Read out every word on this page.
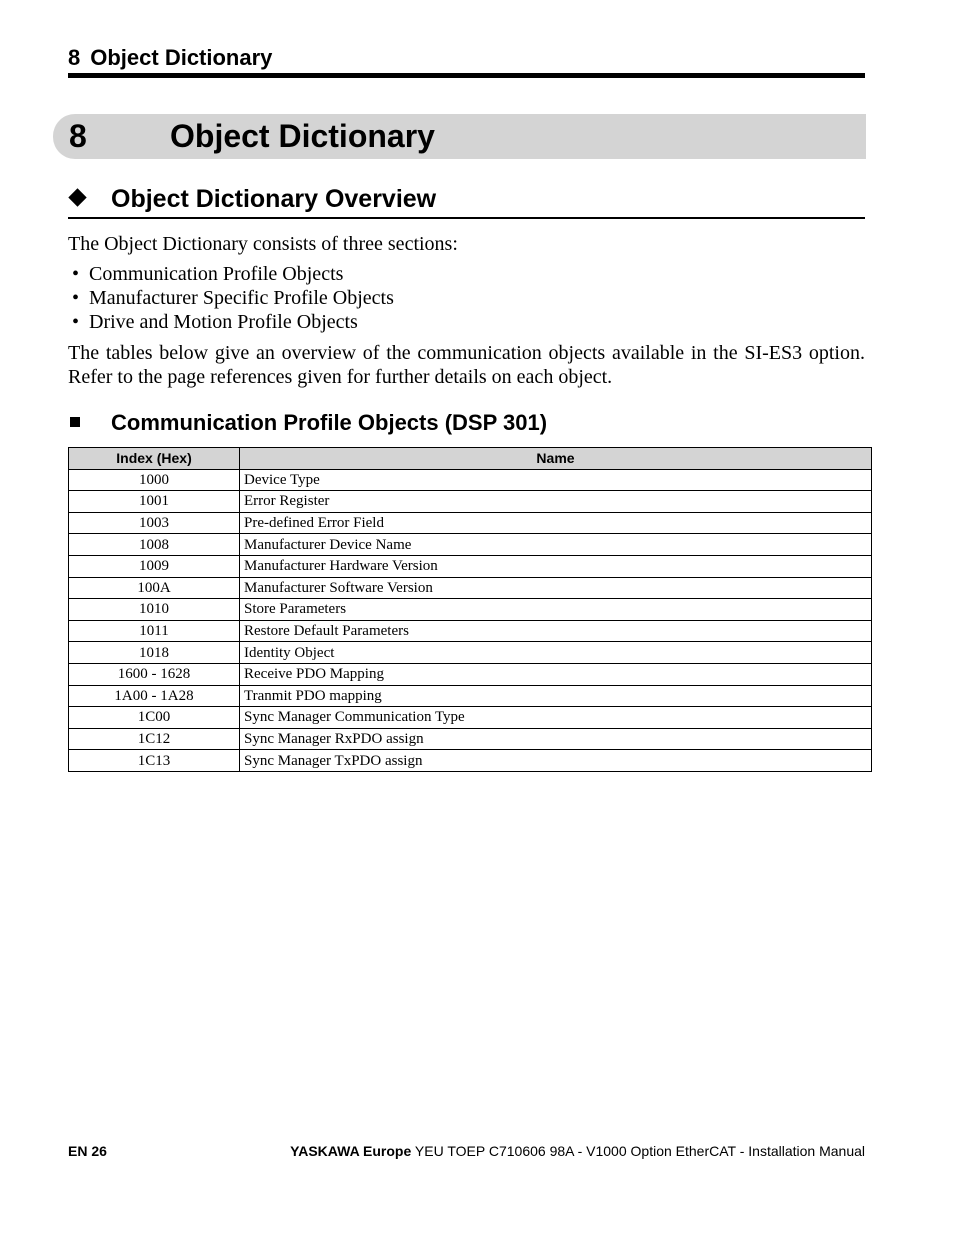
8 Object Dictionary
8	Object Dictionary
Object Dictionary Overview
The Object Dictionary consists of three sections:
• Communication Profile Objects
• Manufacturer Specific Profile Objects
• Drive and Motion Profile Objects
The tables below give an overview of the communication objects available in the SI-ES3 option. Refer to the page references given for further details on each object.
Communication Profile Objects (DSP 301)
Index (Hex)	Name
1000	Device Type
1001	Error Register
1003	Pre-defined Error Field
1008	Manufacturer Device Name
1009	Manufacturer Hardware Version
100A	Manufacturer Software Version
1010	Store Parameters
1011	Restore Default Parameters
1018	Identity Object
1600 - 1628	Receive PDO Mapping
1A00 - 1A28	Tranmit PDO mapping
1C00	Sync Manager Communication Type
1C12	Sync Manager RxPDO assign
1C13	Sync Manager TxPDO assign
EN 26	YASKAWA Europe YEU TOEP C710606 98A - V1000 Option EtherCAT - Installation Manual
